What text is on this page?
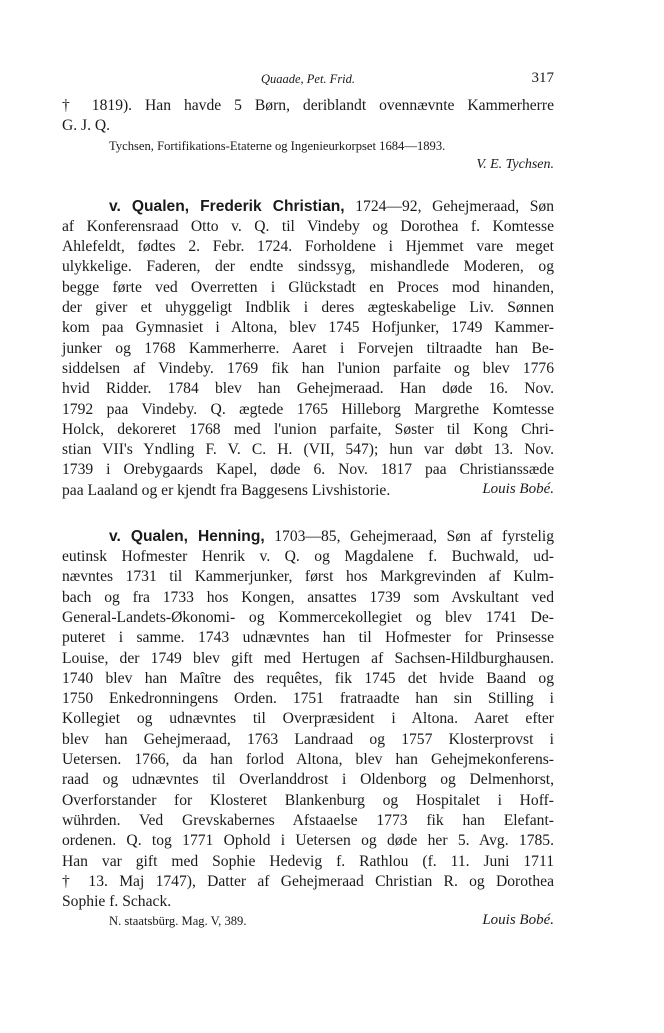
Quaade, Pet. Frid.	317
† 1819). Han havde 5 Børn, deriblandt ovennævnte Kammerherre
G. J. Q.
Tychsen, Fortifikations-Etaterne og Ingenieurkorpset 1684—1893.
V. E. Tychsen.
v. Qualen, Frederik Christian, 1724—92, Gehejmeraad, Søn
af Konferensraad Otto v. Q. til Vindeby og Dorothea f. Komtesse
Ahlefeldt, fødtes 2. Febr. 1724. Forholdene i Hjemmet vare meget
ulykkelige. Faderen, der endte sindssyg, mishandlede Moderen, og
begge førte ved Overretten i Glückstadt en Proces mod hinanden,
der giver et uhyggeligt Indblik i deres ægteskabelige Liv. Sønnen
kom paa Gymnasiet i Altona, blev 1745 Hofjunker, 1749 Kammer-
junker og 1768 Kammerherre. Aaret i Forvejen tiltraadte han Be-
siddelsen af Vindeby. 1769 fik han l'union parfaite og blev 1776
hvid Ridder. 1784 blev han Gehejmeraad. Han døde 16. Nov.
1792 paa Vindeby. Q. ægtede 1765 Hilleborg Margrethe Komtesse
Holck, dekoreret 1768 med l'union parfaite, Søster til Kong Chri-
stian VII's Yndling F. V. C. H. (VII, 547); hun var døbt 13. Nov.
1739 i Orebygaards Kapel, døde 6. Nov. 1817 paa Christianssæde
paa Laaland og er kjendt fra Baggesens Livshistorie.	Louis Bobé.
v. Qualen, Henning, 1703—85, Gehejmeraad, Søn af fyrstelig
eutinsk Hofmester Henrik v. Q. og Magdalene f. Buchwald, ud-
nævntes 1731 til Kammerjunker, først hos Markgrevinden af Kulm-
bach og fra 1733 hos Kongen, ansattes 1739 som Avskultant ved
General-Landets-Økonomi- og Kommercekollegiet og blev 1741 De-
puteret i samme. 1743 udnævntes han til Hofmester for Prinsesse
Louise, der 1749 blev gift med Hertugen af Sachsen-Hildburghausen.
1740 blev han Maître des requêtes, fik 1745 det hvide Baand og
1750 Enkedronningens Orden. 1751 fratraadte han sin Stilling i
Kollegiet og udnævntes til Overpræsident i Altona. Aaret efter
blev han Gehejmeraad, 1763 Landraad og 1757 Klosterprovst i
Uetersen. 1766, da han forlod Altona, blev han Gehejmekonferens-
raad og udnævntes til Overlanddrost i Oldenborg og Delmenhorst,
Overforstander for Klosteret Blankenburg og Hospitalet i Hoff-
wührden. Ved Grevskabernes Afstaaelse 1773 fik han Elefant-
ordenen. Q. tog 1771 Ophold i Uetersen og døde her 5. Avg. 1785.
Han var gift med Sophie Hedevig f. Rathlou (f. 11. Juni 1711
† 13. Maj 1747), Datter af Gehejmeraad Christian R. og Dorothea
Sophie f. Schack.
N. staatsbürg. Mag. V, 389.	Louis Bobé.
